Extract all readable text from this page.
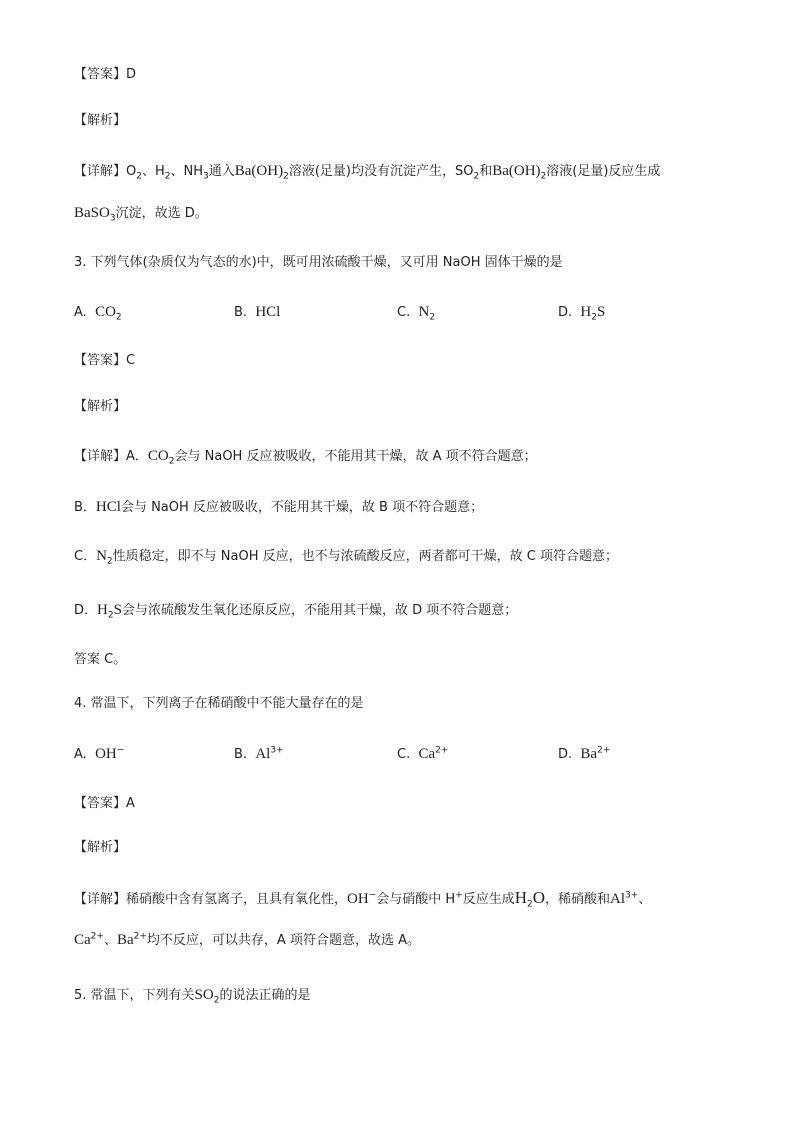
【答案】D
【解析】
【详解】$O_2$、$H_2$、$NH_3$通入$Ba(OH)_2$溶液(足量)均没有沉淀产生，$SO_2$和$Ba(OH)_2$溶液(足量)反应生成
BaSO$_3$沉淀，故选 D。
3. 下列气体(杂质仅为气态的水)中，既可用浓硫酸干燥，又可用 NaOH 固体干燥的是
A. $CO_2$	B. HCl	C. $N_2$	D. $H_2S$
【答案】C
【解析】
【详解】A．$CO_2$会与 NaOH 反应被吸收，不能用其干燥，故 A 项不符合题意；
B．HCl会与 NaOH 反应被吸收，不能用其干燥，故 B 项不符合题意；
C．$N_2$性质稳定，即不与 NaOH 反应，也不与浓硫酸反应，两者都可干燥，故 C 项符合题意；
D．$H_2S$会与浓硫酸发生氧化还原反应，不能用其干燥，故 D 项不符合题意；
答案 C。
4. 常温下，下列离子在稀硝酸中不能大量存在的是
A. OH−	B. $Al^{3+}$	C. $Ca^{2+}$	D. $Ba^{2+}$
【答案】A
【解析】
【详解】稀硝酸中含有氢离子，且具有氧化性，OH−会与硝酸中 H+反应生成$H_2O$，稀硝酸和$Al^{3+}$、
$Ca^{2+}$、$Ba^{2+}$均不反应，可以共存，A 项符合题意，故选 A。
5. 常温下，下列有关$SO_2$的说法正确的是
